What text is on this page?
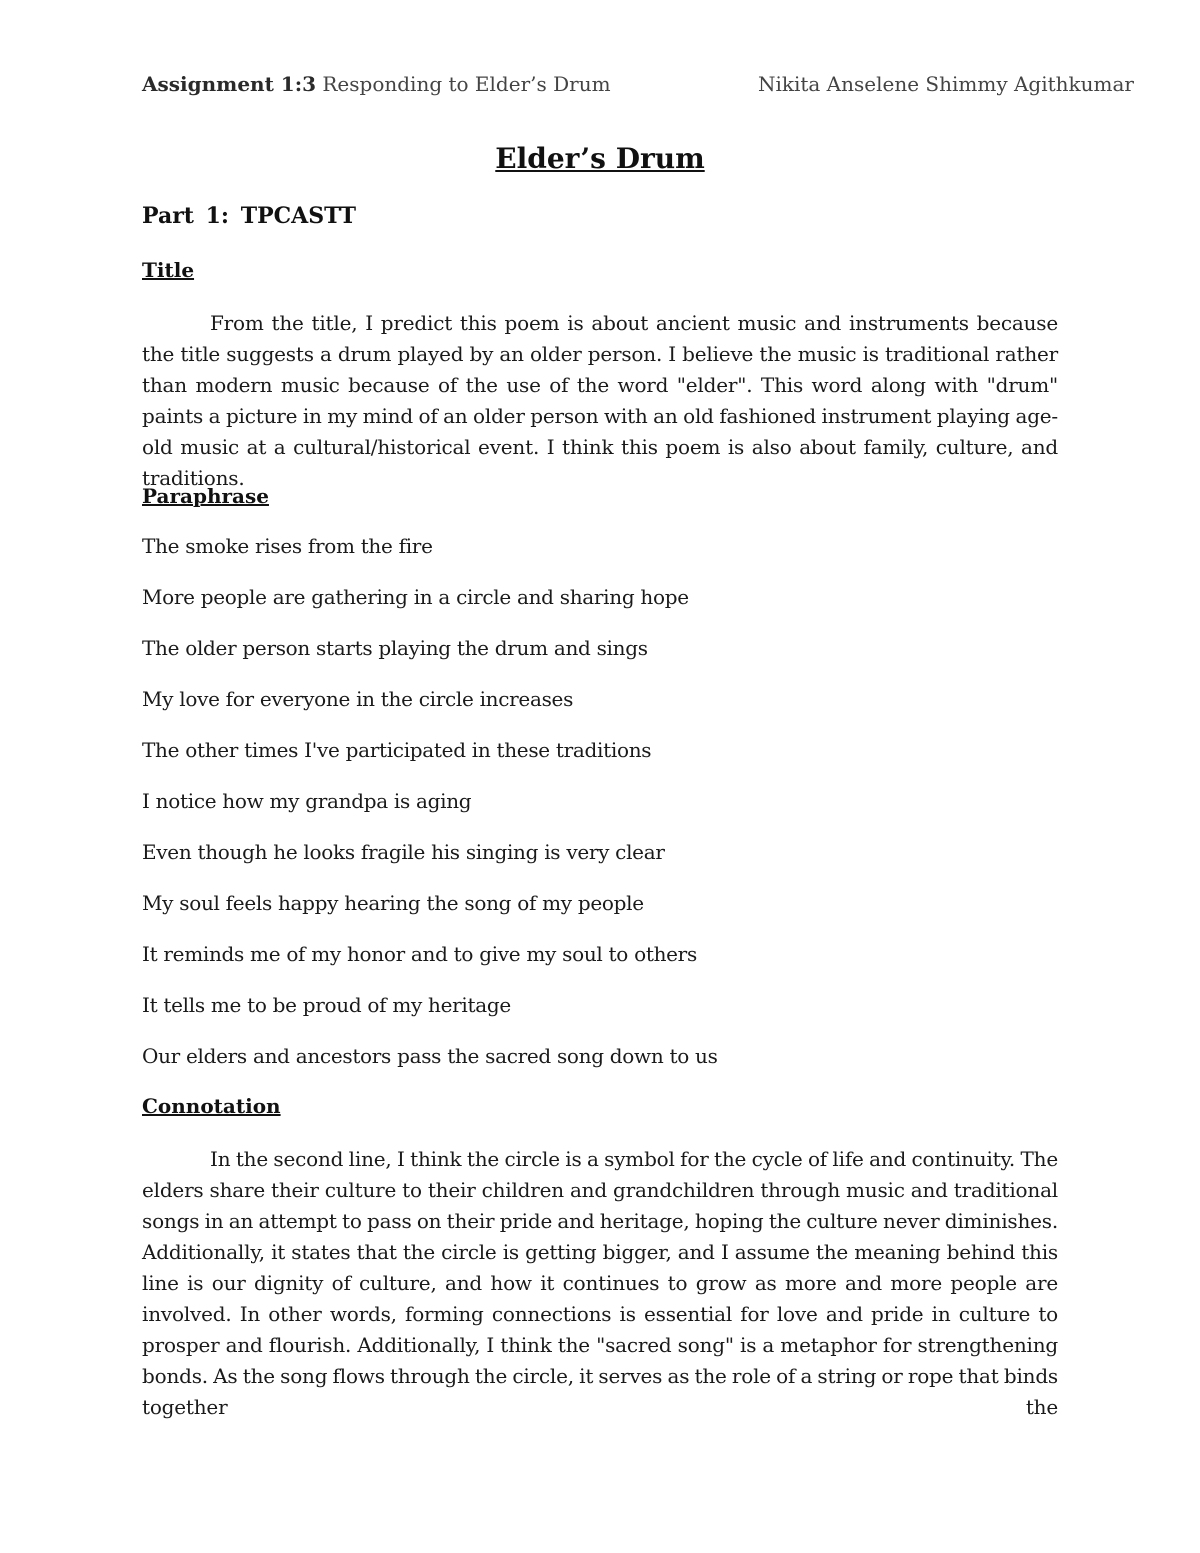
Assignment 1:3 Responding to Elder’s Drum	Nikita Anselene Shimmy Agithkumar
Elder’s Drum
Part 1: TPCASTT
Title
From the title, I predict this poem is about ancient music and instruments because the title suggests a drum played by an older person. I believe the music is traditional rather than modern music because of the use of the word "elder". This word along with "drum" paints a picture in my mind of an older person with an old fashioned instrument playing age-old music at a cultural/historical event. I think this poem is also about family, culture, and traditions.
Paraphrase
The smoke rises from the fire
More people are gathering in a circle and sharing hope
The older person starts playing the drum and sings
My love for everyone in the circle increases
The other times I've participated in these traditions
I notice how my grandpa is aging
Even though he looks fragile his singing is very clear
My soul feels happy hearing the song of my people
It reminds me of my honor and to give my soul to others
It tells me to be proud of my heritage
Our elders and ancestors pass the sacred song down to us
Connotation
In the second line, I think the circle is a symbol for the cycle of life and continuity. The elders share their culture to their children and grandchildren through music and traditional songs in an attempt to pass on their pride and heritage, hoping the culture never diminishes. Additionally, it states that the circle is getting bigger, and I assume the meaning behind this line is our dignity of culture, and how it continues to grow as more and more people are involved. In other words, forming connections is essential for love and pride in culture to prosper and flourish. Additionally, I think the "sacred song" is a metaphor for strengthening bonds. As the song flows through the circle, it serves as the role of a string or rope that binds together the
